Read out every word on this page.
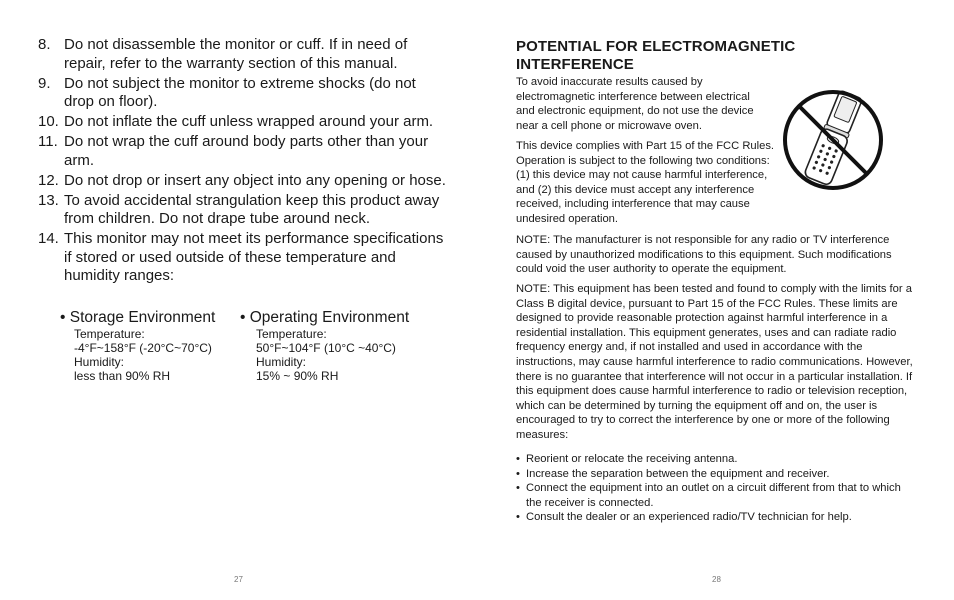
8. Do not disassemble the monitor or cuff. If in need of repair, refer to the warranty section of this manual.
9. Do not subject the monitor to extreme shocks (do not drop on floor).
10. Do not inflate the cuff unless wrapped around your arm.
11. Do not wrap the cuff around body parts other than your arm.
12. Do not drop or insert any object into any opening or hose.
13. To avoid accidental strangulation keep this product away from children. Do not drape tube around neck.
14. This monitor may not meet its performance specifications if stored or used outside of these temperature and humidity ranges:
• Storage Environment
Temperature:
-4°F~158°F (-20°C~70°C)
Humidity:
less than 90% RH
• Operating Environment
Temperature:
50°F~104°F (10°C ~40°C)
Humidity:
15% ~ 90% RH
27
POTENTIAL FOR ELECTROMAGNETIC INTERFERENCE

To avoid inaccurate results caused by electromagnetic interference between electrical and electronic equipment, do not use the device near a cell phone or microwave oven.

This device complies with Part 15 of the FCC Rules. Operation is subject to the following two conditions: (1) this device may not cause harmful interference, and (2) this device must accept any interference received, including interference that may cause undesired operation.

NOTE: The manufacturer is not responsible for any radio or TV interference caused by unauthorized modifications to this equipment. Such modifications could void the user authority to operate the equipment.

NOTE: This equipment has been tested and found to comply with the limits for a Class B digital device, pursuant to Part 15 of the FCC Rules. These limits are designed to provide reasonable protection against harmful interference in a residential installation. This equipment generates, uses and can radiate radio frequency energy and, if not installed and used in accordance with the instructions, may cause harmful interference to radio communications. However, there is no guarantee that interference will not occur in a particular installation. If this equipment does cause harmful interference to radio or television reception, which can be determined by turning the equipment off and on, the user is encouraged to try to correct the interference by one or more of the following measures:

• Reorient or relocate the receiving antenna.
• Increase the separation between the equipment and receiver.
• Connect the equipment into an outlet on a circuit different from that to which the receiver is connected.
• Consult the dealer or an experienced radio/TV technician for help.
28
